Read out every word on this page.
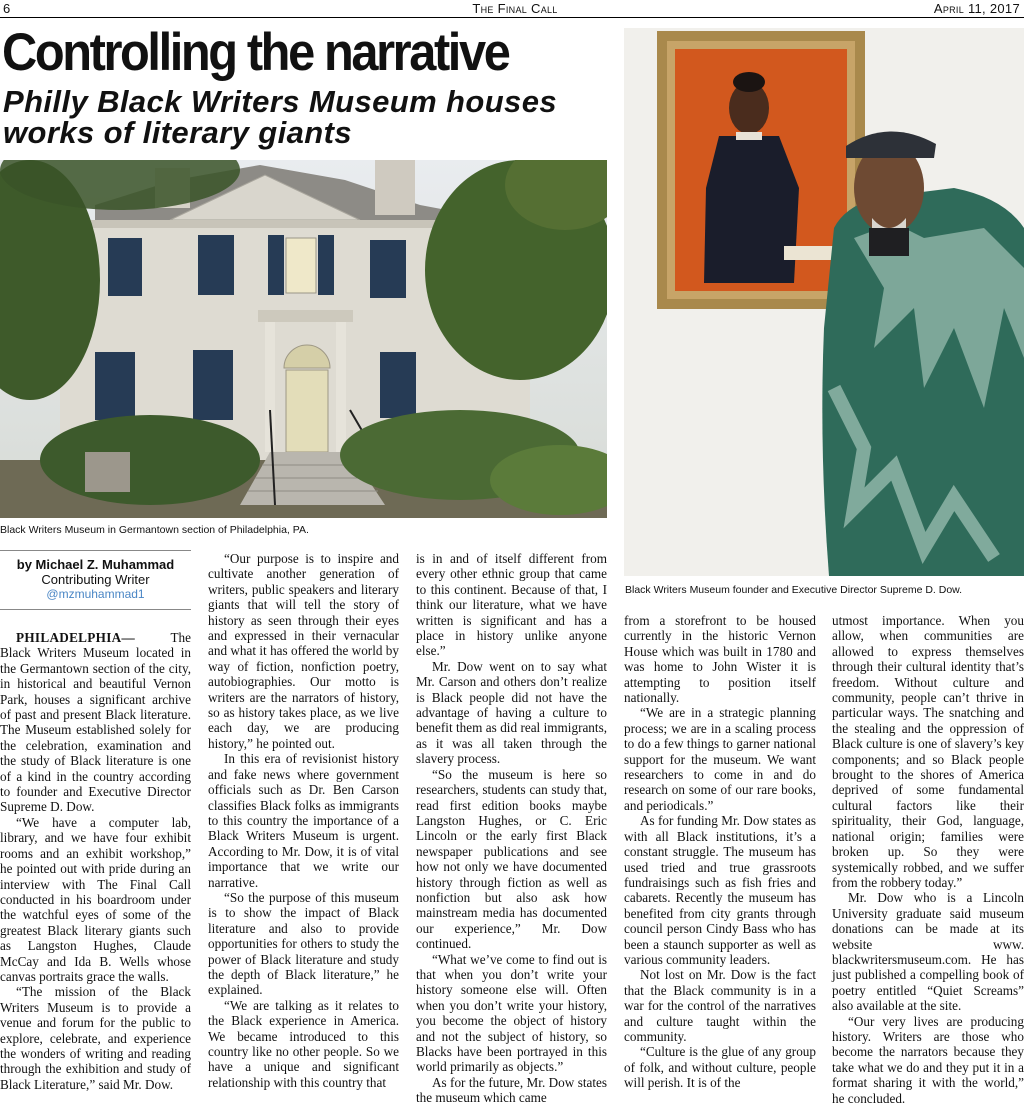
6	The Final Call	April 11, 2017
Controlling the narrative
Philly Black Writers Museum houses works of literary giants
Black Writers Museum in Germantown section of Philadelphia, PA.
Black Writers Museum founder and Executive Director Supreme D. Dow.
by Michael Z. Muhammad
Contributing Writer
@mzmuhammad1

PHILADELPHIA—	The Black Writers Museum located in the Germantown section of the city, in historical and beautiful Vernon Park, houses a significant archive of past and present Black literature. The Museum established solely for the celebration, examination and the study of Black literature is one of a kind in the country according to founder and Executive Director Supreme D. Dow.

“We have a computer lab, library, and we have four exhibit rooms and an exhibit workshop,” he pointed out with pride during an interview with The Final Call conducted in his boardroom under the watchful eyes of some of the greatest Black literary giants such as Langston Hughes, Claude McCay and Ida B. Wells whose canvas portraits grace the walls.

“The mission of the Black Writers Museum is to provide a venue and forum for the public to explore, celebrate, and experience the wonders of writing and reading through the exhibition and study of Black Literature,” said Mr. Dow.

“Our purpose is to inspire and cultivate another generation of writers, public speakers and literary giants that will tell the story of history as seen through their eyes and expressed in their vernacular and what it has offered the world by way of fiction, nonfiction poetry, autobiographies. Our motto is writers are the narrators of history, so as history takes place, as we live each day, we are producing history,” he pointed out.

In this era of revisionist history and fake news where government officials such as Dr. Ben Carson classifies Black folks as immigrants to this country the importance of a Black Writers Museum is urgent. According to Mr. Dow, it is of vital importance that we write our narrative.

“So the purpose of this museum is to show the impact of Black literature and also to provide opportunities for others to study the power of Black literature and study the depth of Black literature,” he explained.

“We are talking as it relates to the Black experience in America. We became introduced to this country like no other people. So we have a unique and significant relationship with this country that

is in and of itself different from every other ethnic group that came to this continent. Because of that, I think our literature, what we have written is significant and has a place in history unlike anyone else.”

Mr. Dow went on to say what Mr. Carson and others don’t realize is Black people did not have the advantage of having a culture to benefit them as did real immigrants, as it was all taken through the slavery process.

“So the museum is here so researchers, students can study that, read first edition books maybe Langston Hughes, or C. Eric Lincoln or the early first Black newspaper publications and see how not only we have documented history through fiction as well as nonfiction but also ask how mainstream media has documented our experience,” Mr. Dow continued.

“What we’ve come to find out is that when you don’t write your history someone else will. Often when you don’t write your history, you become the object of history and not the subject of history, so Blacks have been portrayed in this world primarily as objects.”

As for the future, Mr. Dow states the museum which came

from a storefront to be housed currently in the historic Vernon House which was built in 1780 and was home to John Wister it is attempting to position itself nationally.

“We are in a strategic planning process; we are in a scaling process to do a few things to garner national support for the museum. We want researchers to come in and do research on some of our rare books, and periodicals.”

As for funding Mr. Dow states as with all Black institutions, it’s a constant struggle. The museum has used tried and true grassroots fundraisings such as fish fries and cabarets. Recently the museum has benefited from city grants through council person Cindy Bass who has been a staunch supporter as well as various community leaders.

Not lost on Mr. Dow is the fact that the Black community is in a war for the control of the narratives and culture taught within the community.

“Culture is the glue of any group of folk, and without culture, people will perish. It is of the

utmost importance. When you allow, when communities are allowed to express themselves through their cultural identity that’s freedom. Without culture and community, people can’t thrive in particular ways. The snatching and the stealing and the oppression of Black culture is one of slavery’s key components; and so Black people brought to the shores of America deprived of some fundamental cultural factors like their spirituality, their God, language, national origin; families were broken up. So they were systemically robbed, and we suffer from the robbery today.”

Mr. Dow who is a Lincoln University graduate said museum donations can be made at its website www. blackwritersmuseum.com. He has just published a compelling book of poetry entitled “Quiet Screams” also available at the site.

“Our very lives are producing history. Writers are those who become the narrators because they take what we do and they put it in a format sharing it with the world,” he concluded.
